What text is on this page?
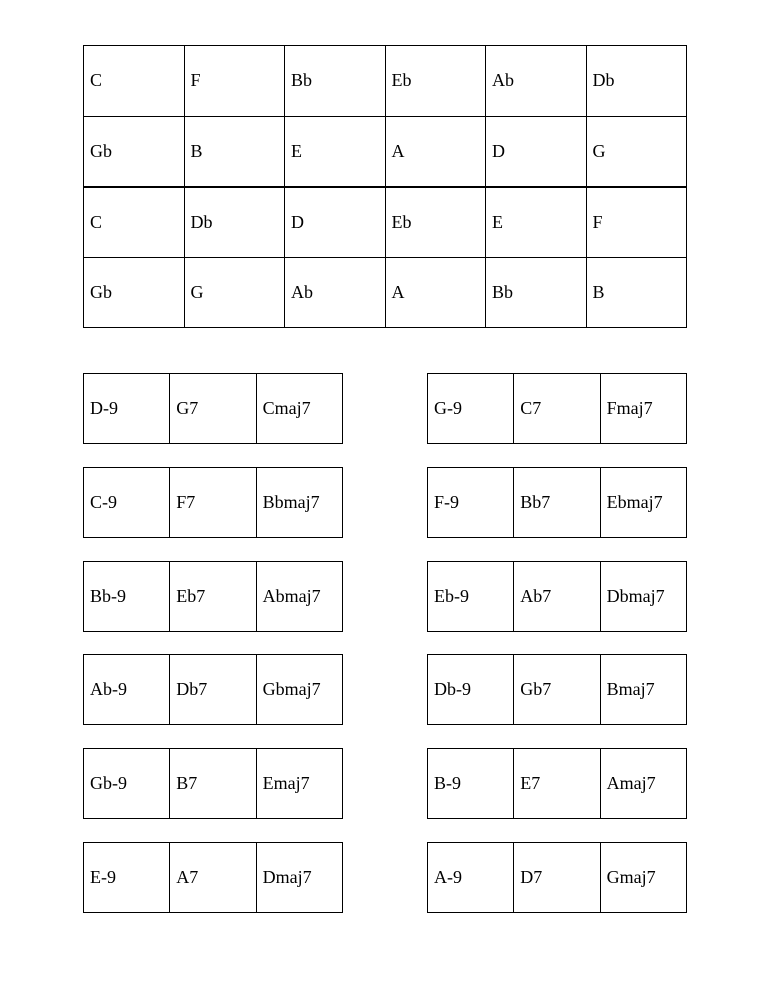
C	F	Bb	Eb	Ab	Db
Gb	B	E	A	D	G
C	Db	D	Eb	E	F
Gb	G	Ab	A	Bb	B
D-9	G7	Cmaj7
C-9	F7	Bbmaj7
Bb-9	Eb7	Abmaj7
Ab-9	Db7	Gbmaj7
Gb-9	B7	Emaj7
E-9	A7	Dmaj7
G-9	C7	Fmaj7
F-9	Bb7	Ebmaj7
Eb-9	Ab7	Dbmaj7
Db-9	Gb7	Bmaj7
B-9	E7	Amaj7
A-9	D7	Gmaj7
